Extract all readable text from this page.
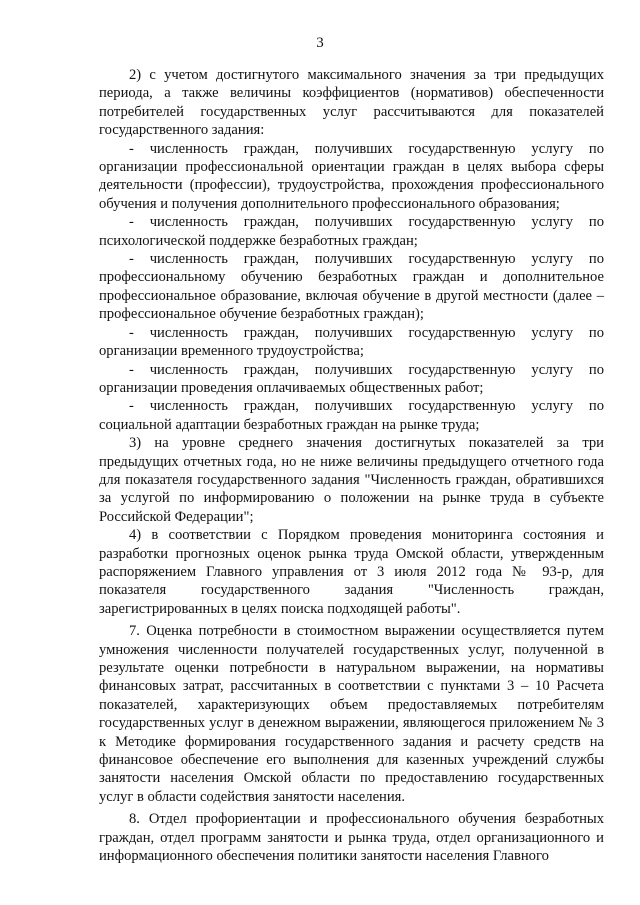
3

2) с учетом достигнутого максимального значения за три предыдущих периода, а также величины коэффициентов (нормативов) обеспеченности потребителей государственных услуг рассчитываются для показателей государственного задания:

- численность граждан, получивших государственную услугу по организации профессиональной ориентации граждан в целях выбора сферы деятельности (профессии), трудоустройства, прохождения профессионального обучения и получения дополнительного профессионального образования;

- численность граждан, получивших государственную услугу по психологической поддержке безработных граждан;

- численность граждан, получивших государственную услугу по профессиональному обучению безработных граждан и дополнительное профессиональное образование, включая обучение в другой местности (далее – профессиональное обучение безработных граждан);

- численность граждан, получивших государственную услугу по организации временного трудоустройства;

- численность граждан, получивших государственную услугу по организации проведения оплачиваемых общественных работ;

- численность граждан, получивших государственную услугу по социальной адаптации безработных граждан на рынке труда;

3) на уровне среднего значения достигнутых показателей за три предыдущих отчетных года, но не ниже величины предыдущего отчетного года для показателя государственного задания "Численность граждан, обратившихся за услугой по информированию о положении на рынке труда в субъекте Российской Федерации";

4) в соответствии с Порядком проведения мониторинга состояния и разработки прогнозных оценок рынка труда Омской области, утвержденным распоряжением Главного управления от 3 июля 2012 года № 93-р, для показателя государственного задания "Численность граждан, зарегистрированных в целях поиска подходящей работы".

7. Оценка потребности в стоимостном выражении осуществляется путем умножения численности получателей государственных услуг, полученной в результате оценки потребности в натуральном выражении, на нормативы финансовых затрат, рассчитанных в соответствии с пунктами 3 – 10 Расчета показателей, характеризующих объем предоставляемых потребителям государственных услуг в денежном выражении, являющегося приложением № 3 к Методике формирования государственного задания и расчету средств на финансовое обеспечение его выполнения для казенных учреждений службы занятости населения Омской области по предоставлению государственных услуг в области содействия занятости населения.

8. Отдел профориентации и профессионального обучения безработных граждан, отдел программ занятости и рынка труда, отдел организационного и информационного обеспечения политики занятости населения Главного
